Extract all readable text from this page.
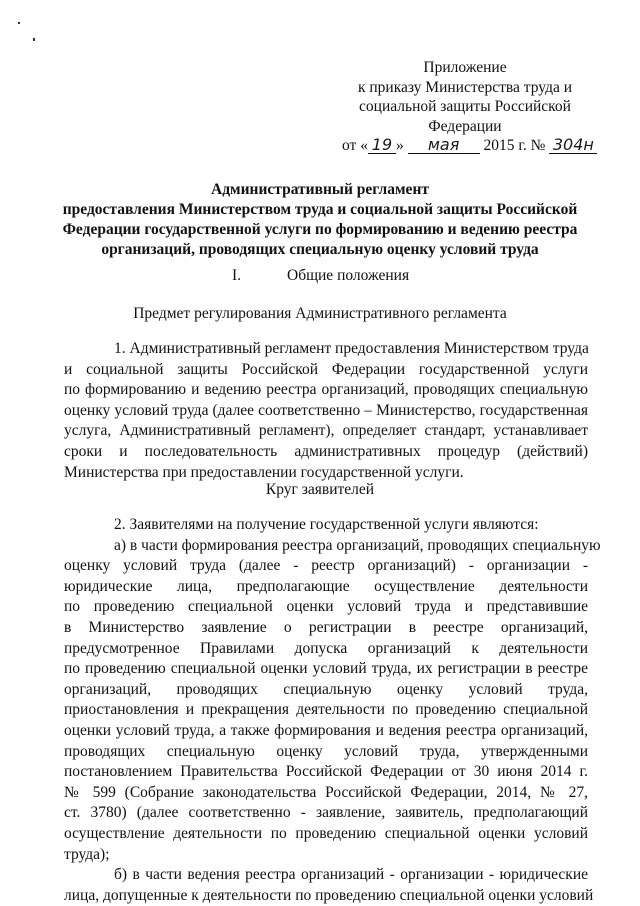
Приложение
к приказу Министерства труда и
социальной защиты Российской
Федерации
от « 19 » мая 2015 г. № 304н
Административный регламент
предоставления Министерством труда и социальной защиты Российской
Федерации государственной услуги по формированию и ведению реестра
организаций, проводящих специальную оценку условий труда
I.	Общие положения
Предмет регулирования Административного регламента
1. Административный регламент предоставления Министерством труда
и социальной защиты Российской Федерации государственной услуги
по формированию и ведению реестра организаций, проводящих специальную
оценку условий труда (далее соответственно – Министерство, государственная
услуга, Административный регламент), определяет стандарт, устанавливает
сроки и последовательность административных процедур (действий)
Министерства при предоставлении государственной услуги.
Круг заявителей
2. Заявителями на получение государственной услуги являются:
а) в части формирования реестра организаций, проводящих специальную
оценку условий труда (далее - реестр организаций) - организации -
юридические лица, предполагающие осуществление деятельности
по проведению специальной оценки условий труда и представившие
в Министерство заявление о регистрации в реестре организаций,
предусмотренное Правилами допуска организаций к деятельности
по проведению специальной оценки условий труда, их регистрации в реестре
организаций, проводящих специальную оценку условий труда,
приостановления и прекращения деятельности по проведению специальной
оценки условий труда, а также формирования и ведения реестра организаций,
проводящих специальную оценку условий труда, утвержденными
постановлением Правительства Российской Федерации от 30 июня 2014 г.
№ 599 (Собрание законодательства Российской Федерации, 2014, № 27,
ст. 3780) (далее соответственно - заявление, заявитель, предполагающий
осуществление деятельности по проведению специальной оценки условий
труда);
б) в части ведения реестра организаций - организации - юридические
лица, допущенные к деятельности по проведению специальной оценки условий
